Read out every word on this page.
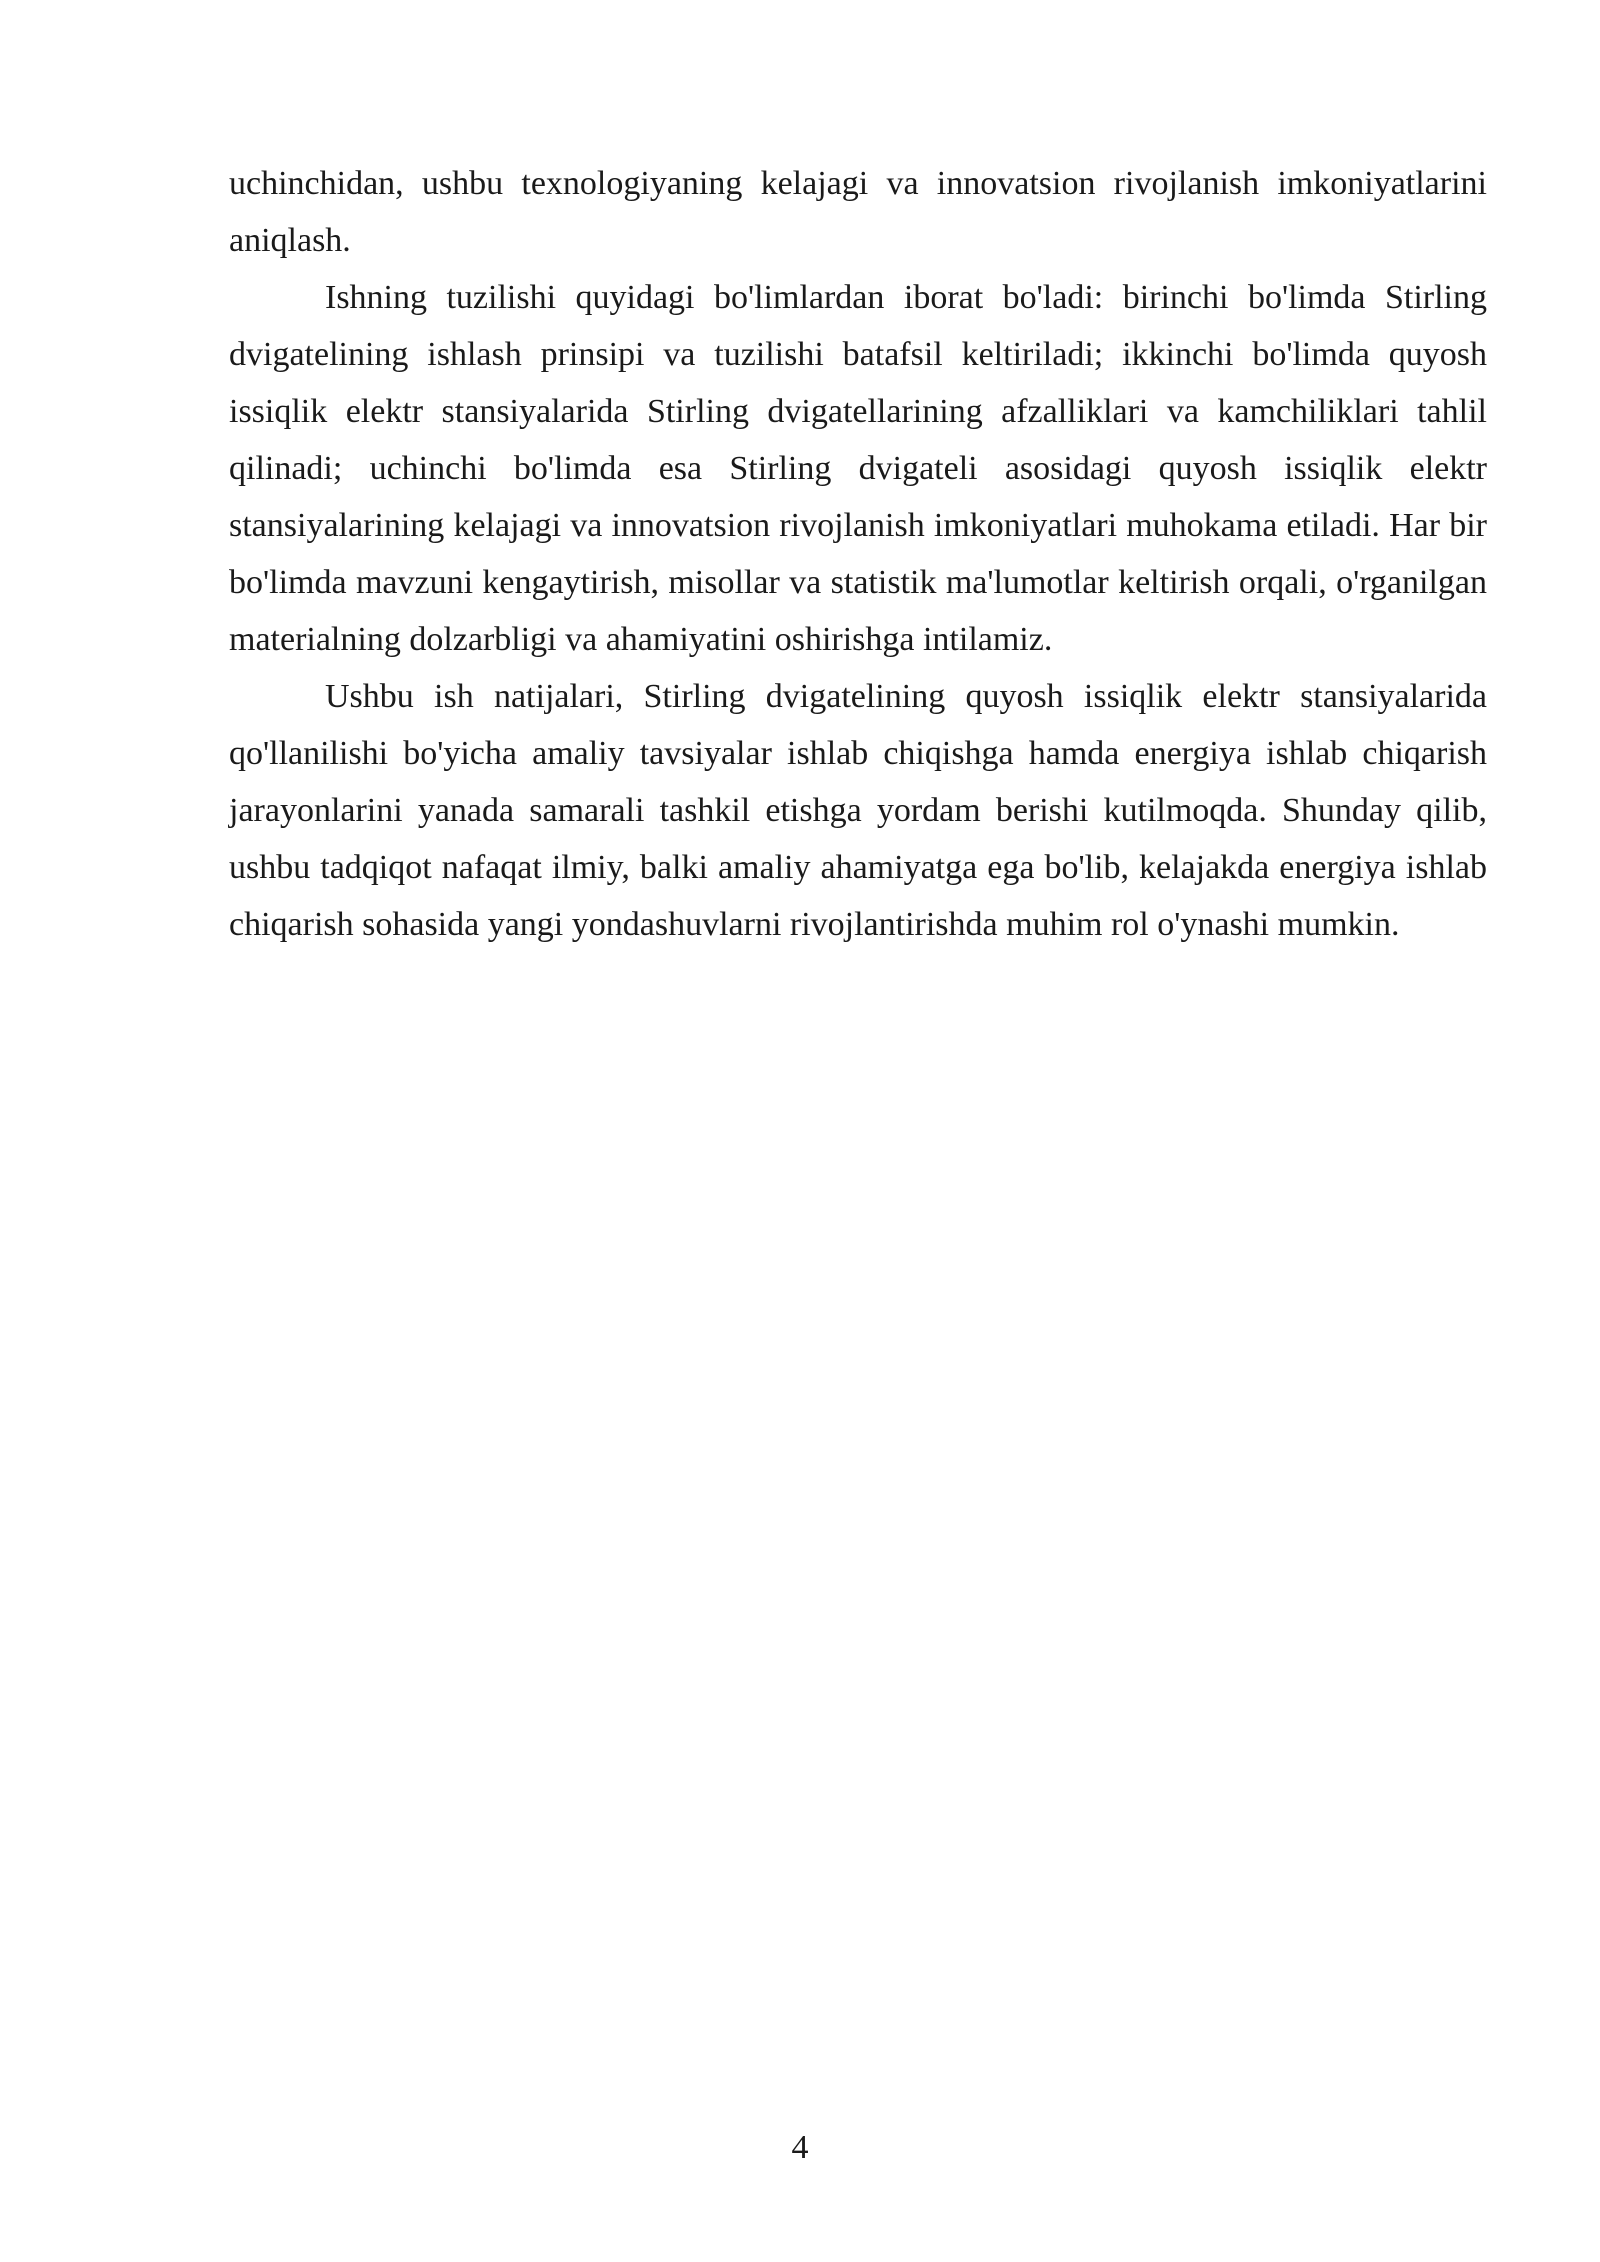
uchinchidan, ushbu texnologiyaning kelajagi va innovatsion rivojlanish imkoniyatlarini aniqlash.

Ishning tuzilishi quyidagi bo'limlardan iborat bo'ladi: birinchi bo'limda Stirling dvigatelining ishlash prinsipi va tuzilishi batafsil keltiriladi; ikkinchi bo'limda quyosh issiqlik elektr stansiyalarida Stirling dvigatellarining afzalliklari va kamchiliklari tahlil qilinadi; uchinchi bo'limda esa Stirling dvigateli asosidagi quyosh issiqlik elektr stansiyalarining kelajagi va innovatsion rivojlanish imkoniyatlari muhokama etiladi. Har bir bo'limda mavzuni kengaytirish, misollar va statistik ma'lumotlar keltirish orqali, o'rganilgan materialning dolzarbligi va ahamiyatini oshirishga intilamiz.

Ushbu ish natijalari, Stirling dvigatelining quyosh issiqlik elektr stansiyalarida qo'llanilishi bo'yicha amaliy tavsiyalar ishlab chiqishga hamda energiya ishlab chiqarish jarayonlarini yanada samarali tashkil etishga yordam berishi kutilmoqda. Shunday qilib, ushbu tadqiqot nafaqat ilmiy, balki amaliy ahamiyatga ega bo'lib, kelajakda energiya ishlab chiqarish sohasida yangi yondashuvlarni rivojlantirishda muhim rol o'ynashi mumkin.

4
